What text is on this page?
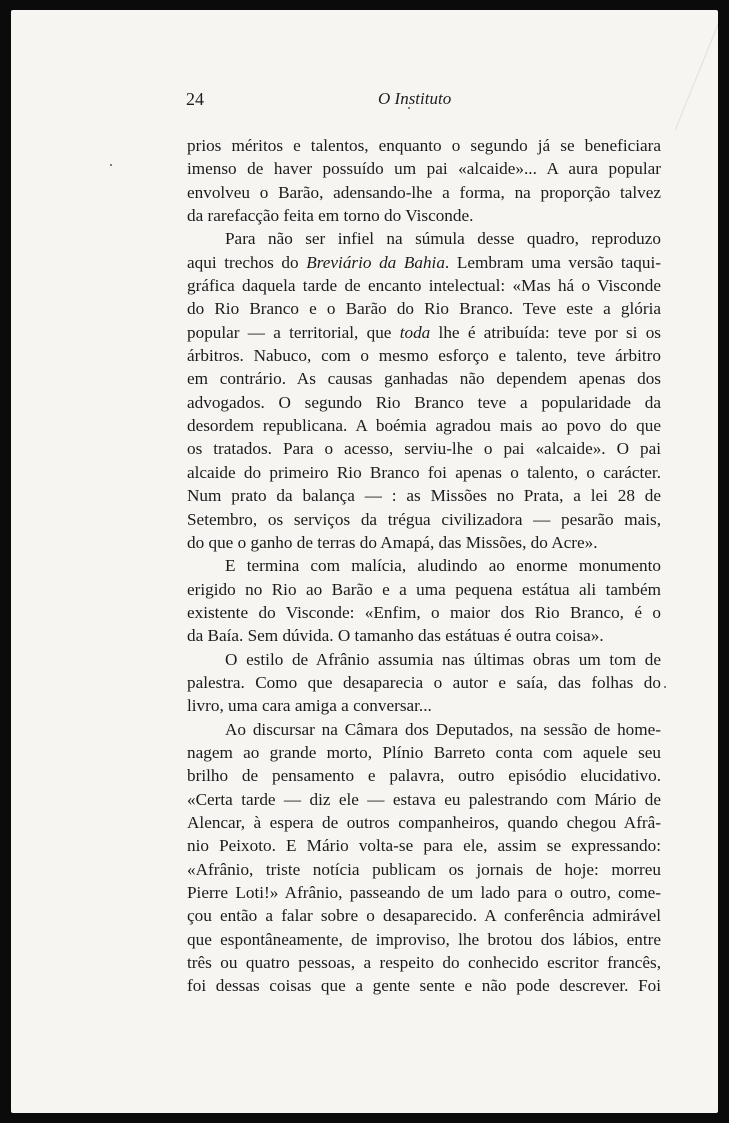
24	O Instituto
prios méritos e talentos, enquanto o segundo já se beneficiara
imenso de haver possuído um pai «alcaide»... A aura popular
envolveu o Barão, adensando-lhe a forma, na proporção talvez
da rarefacção feita em torno do Visconde.
Para não ser infiel na súmula desse quadro, reproduzo
aqui trechos do Breviário da Bahia. Lembram uma versão taqui-
gráfica daquela tarde de encanto intelectual: «Mas há o Visconde
do Rio Branco e o Barão do Rio Branco. Teve este a glória
popular — a territorial, que toda lhe é atribuída: teve por si os
árbitros. Nabuco, com o mesmo esforço e talento, teve árbitro
em contrário. As causas ganhadas não dependem apenas dos
advogados. O segundo Rio Branco teve a popularidade da
desordem republicana. A boémia agradou mais ao povo do que
os tratados. Para o acesso, serviu-lhe o pai «alcaide». O pai
alcaide do primeiro Rio Branco foi apenas o talento, o carácter.
Num prato da balança — : as Missões no Prata, a lei 28 de
Setembro, os serviços da trégua civilizadora — pesarão mais,
do que o ganho de terras do Amapá, das Missões, do Acre».
E termina com malícia, aludindo ao enorme monumento
erigido no Rio ao Barão e a uma pequena estátua ali também
existente do Visconde: «Enfim, o maior dos Rio Branco, é o
da Baía. Sem dúvida. O tamanho das estátuas é outra coisa».
O estilo de Afrânio assumia nas últimas obras um tom de
palestra. Como que desaparecia o autor e saía, das folhas do
livro, uma cara amiga a conversar...
Ao discursar na Câmara dos Deputados, na sessão de home-
nagem ao grande morto, Plínio Barreto conta com aquele seu
brilho de pensamento e palavra, outro episódio elucidativo.
«Certa tarde — diz ele — estava eu palestrando com Mário de
Alencar, à espera de outros companheiros, quando chegou Afrâ-
nio Peixoto. E Mário volta-se para ele, assim se expressando:
«Afrânio, triste notícia publicam os jornais de hoje: morreu
Pierre Loti!» Afrânio, passeando de um lado para o outro, come-
çou então a falar sobre o desaparecido. A conferência admirável
que espontâneamente, de improviso, lhe brotou dos lábios, entre
três ou quatro pessoas, a respeito do conhecido escritor francês,
foi dessas coisas que a gente sente e não pode descrever. Foi
